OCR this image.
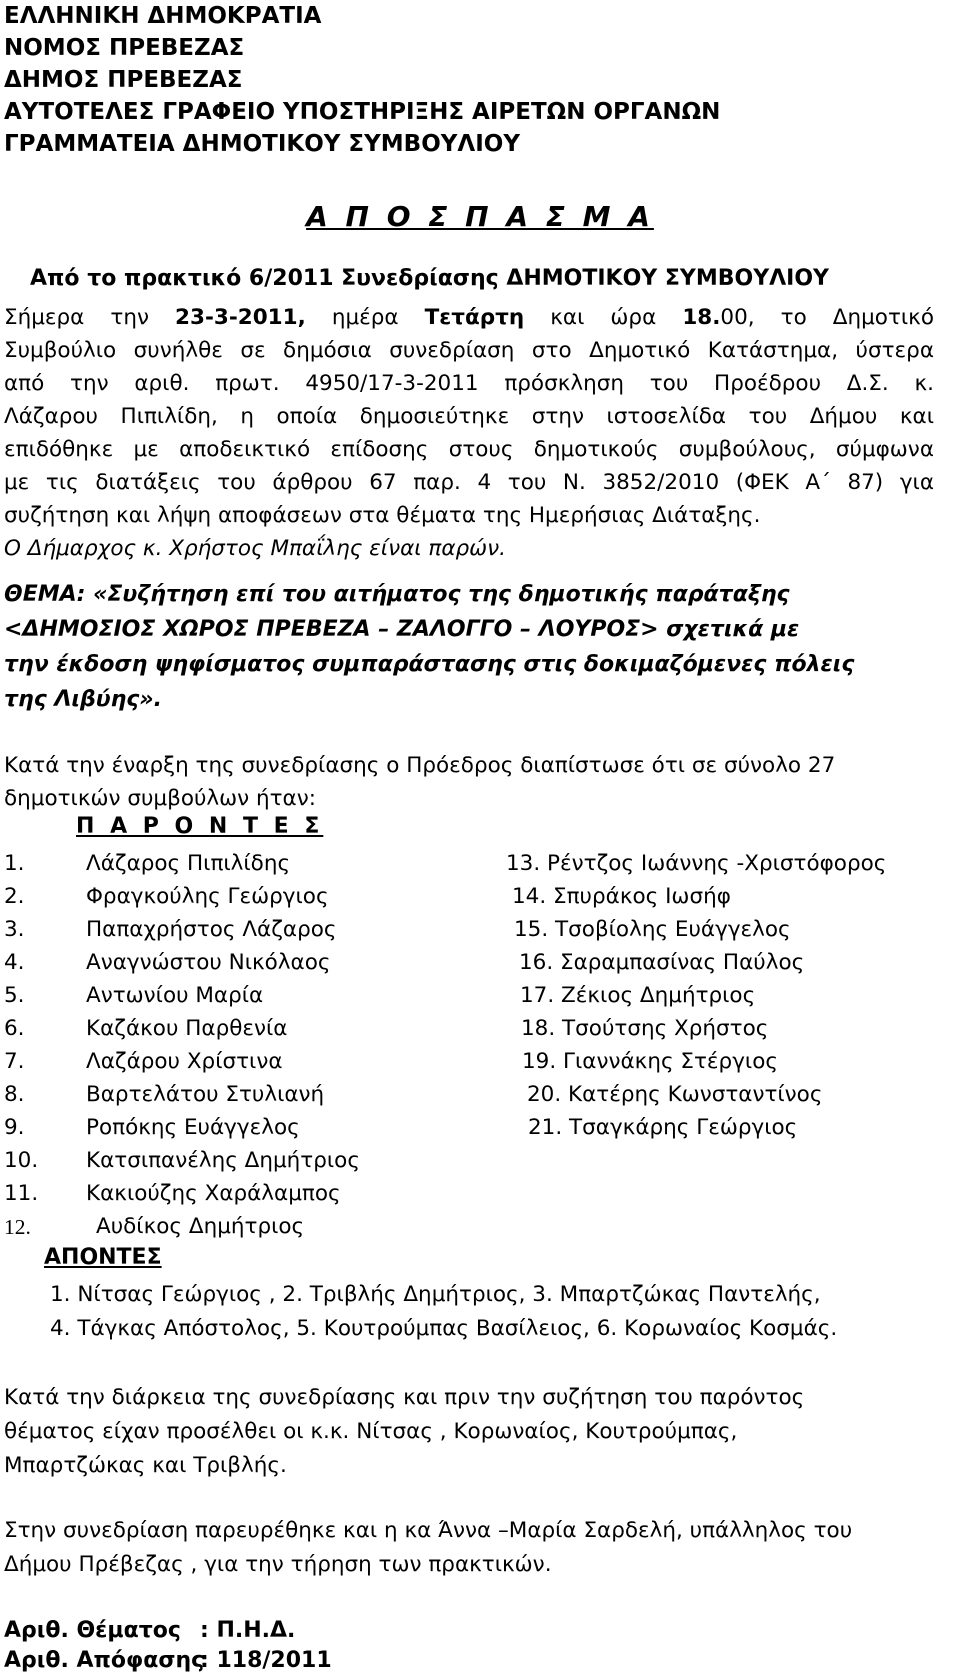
ΕΛΛΗΝΙΚΗ ΔΗΜΟΚΡΑΤΙΑ
ΝΟΜΟΣ ΠΡΕΒΕΖΑΣ
ΔΗΜΟΣ ΠΡΕΒΕΖΑΣ
ΑΥΤΟΤΕΛΕΣ ΓΡΑΦΕΙΟ ΥΠΟΣΤΗΡΙΞΗΣ ΑΙΡΕΤΩΝ ΟΡΓΑΝΩΝ
ΓΡΑΜΜΑΤΕΙΑ ΔΗΜΟΤΙΚΟΥ ΣΥΜΒΟΥΛΙΟΥ
Α Π Ο Σ Π Α Σ Μ Α
Από το πρακτικό 6/2011 Συνεδρίασης ΔΗΜΟΤΙΚΟΥ ΣΥΜΒΟΥΛΙΟΥ
Σήμερα την 23-3-2011, ημέρα Τετάρτη και ώρα 18.00, το Δημοτικό
Συμβούλιο συνήλθε σε δημόσια συνεδρίαση στο Δημοτικό Κατάστημα, ύστερα
από την αριθ. πρωτ. 4950/17-3-2011 πρόσκληση του Προέδρου Δ.Σ. κ.
Λάζαρου Πιπιλίδη, η οποία δημοσιεύτηκε στην ιστοσελίδα του Δήμου και
επιδόθηκε με αποδεικτικό επίδοσης στους δημοτικούς συμβούλους, σύμφωνα
με τις διατάξεις του άρθρου 67 παρ. 4 του Ν. 3852/2010 (ΦΕΚ Α΄ 87) για
συζήτηση και λήψη αποφάσεων στα θέματα της Ημερήσιας Διάταξης.
Ο Δήμαρχος κ. Χρήστος Μπαΐλης είναι παρών.
ΘΕΜΑ: «Συζήτηση επί του αιτήματος της δημοτικής παράταξης
<ΔΗΜΟΣΙΟΣ ΧΩΡΟΣ ΠΡΕΒΕΖΑ – ΖΑΛΟΓΓΟ – ΛΟΥΡΟΣ> σχετικά με
την έκδοση ψηφίσματος συμπαράστασης στις δοκιμαζόμενες πόλεις
της Λιβύης».
Κατά την έναρξη της συνεδρίασης ο Πρόεδρος διαπίστωσε ότι σε σύνολο 27
δημοτικών συμβούλων ήταν:
Π Α Ρ Ο Ν Τ Ε Σ
1.	Λάζαρος Πιπιλίδης
2.	Φραγκούλης Γεώργιος
3.	Παπαχρήστος Λάζαρος
4.	Αναγνώστου Νικόλαος
5.	Αντωνίου Μαρία
6.	Καζάκου Παρθενία
7.	Λαζάρου Χρίστινα
8.	Βαρτελάτου Στυλιανή
9.	Ροπόκης Ευάγγελος
10. Κατσιπανέλης Δημήτριος
11. Κακιούζης Χαράλαμπος
12.	Αυδίκος Δημήτριος
13. Ρέντζος Ιωάννης -Χριστόφορος
14. Σπυράκος Ιωσήφ
15. Τσοβίολης Ευάγγελος
16. Σαραμπασίνας Παύλος
17. Ζέκιος Δημήτριος
18. Τσούτσης Χρήστος
19. Γιαννάκης Στέργιος
20. Κατέρης Κωνσταντίνος
21. Τσαγκάρης Γεώργιος
ΑΠΟΝΤΕΣ
1. Νίτσας Γεώργιος , 2. Τριβλής Δημήτριος, 3. Μπαρτζώκας Παντελής,
4. Τάγκας Απόστολος, 5. Κουτρούμπας Βασίλειος, 6. Κορωναίος Κοσμάς.
Κατά την διάρκεια της συνεδρίασης και πριν την συζήτηση του παρόντος
θέματος είχαν προσέλθει οι κ.κ. Νίτσας , Κορωναίος, Κουτρούμπας,
Μπαρτζώκας και Τριβλής.
Στην συνεδρίαση παρευρέθηκε και η κα Άννα –Μαρία Σαρδελή, υπάλληλος του
Δήμου Πρέβεζας , για την τήρηση των πρακτικών.
Αριθ. Θέματος : Π.Η.Δ.
Αριθ. Απόφασης: 118/2011
